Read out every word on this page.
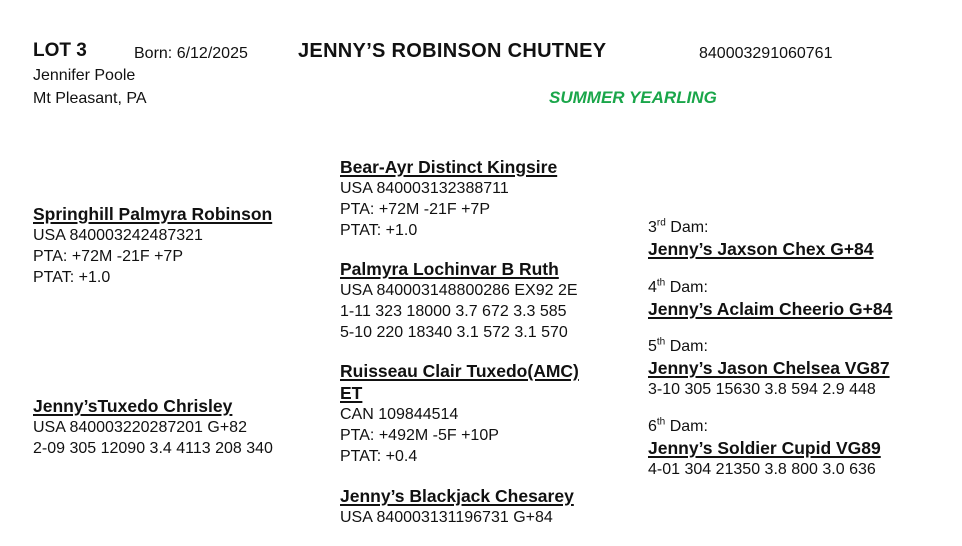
LOT 3	Born: 6/12/2025	JENNY’S ROBINSON CHUTNEY	840003291060761
Jennifer Poole
Mt Pleasant, PA	SUMMER YEARLING
Springhill Palmyra Robinson
USA 840003242487321
PTA: +72M -21F +7P
PTAT: +1.0
Jenny’sTuxedo Chrisley
USA 840003220287201 G+82
2-09 305 12090 3.4 4113 208 340
Bear-Ayr Distinct Kingsire
USA 840003132388711
PTA: +72M -21F +7P
PTAT: +1.0
Palmyra Lochinvar B Ruth
USA 840003148800286 EX92 2E
1-11 323 18000 3.7 672 3.3 585
5-10 220 18340 3.1 572 3.1 570
Ruisseau Clair Tuxedo(AMC)
ET
CAN 109844514
PTA: +492M -5F +10P
PTAT: +0.4
Jenny’s Blackjack Chesarey
USA 840003131196731 G+84
3rd Dam:
Jenny’s Jaxson Chex G+84
4th Dam:
Jenny’s Aclaim Cheerio G+84
5th Dam:
Jenny’s Jason Chelsea VG87
3-10 305 15630 3.8 594 2.9 448
6th Dam:
Jenny’s Soldier Cupid VG89
4-01 304 21350 3.8 800 3.0 636
